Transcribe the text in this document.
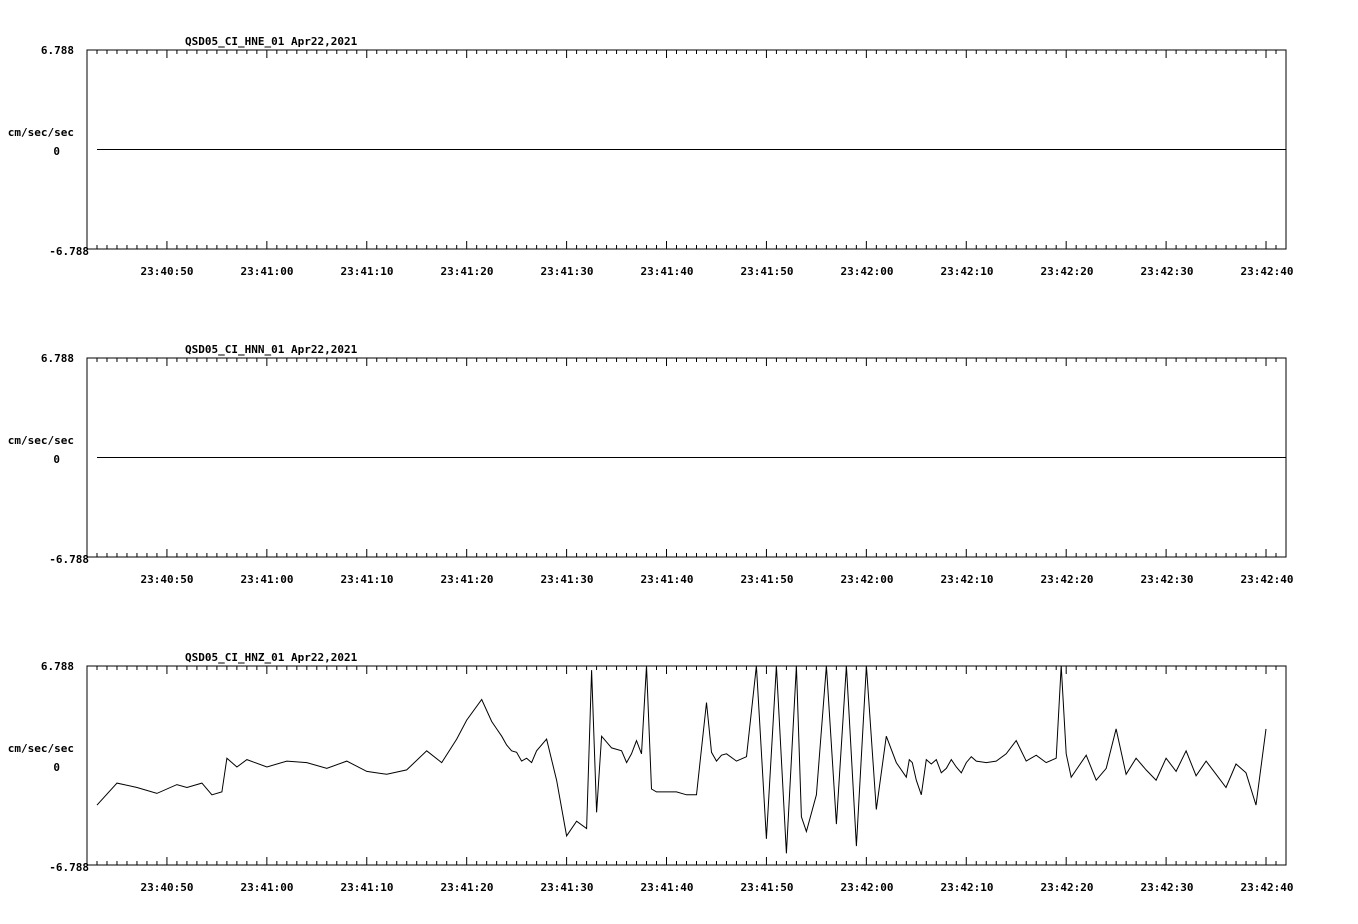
QSD05_CI_HNE_01 Apr22,2021
6.788
cm/sec/sec
0
-6.788
23:40:50	23:41:00	23:41:10	23:41:20	23:41:30	23:41:40	23:41:50	23:42:00	23:42:10	23:42:20	23:42:30	23:42:40
QSD05_CI_HNN_01 Apr22,2021
6.788
cm/sec/sec
0
-6.788
23:40:50	23:41:00	23:41:10	23:41:20	23:41:30	23:41:40	23:41:50	23:42:00	23:42:10	23:42:20	23:42:30	23:42:40
QSD05_CI_HNZ_01 Apr22,2021
6.788
cm/sec/sec
0
-6.788
23:40:50	23:41:00	23:41:10	23:41:20	23:41:30	23:41:40	23:41:50	23:42:00	23:42:10	23:42:20	23:42:30	23:42:40
